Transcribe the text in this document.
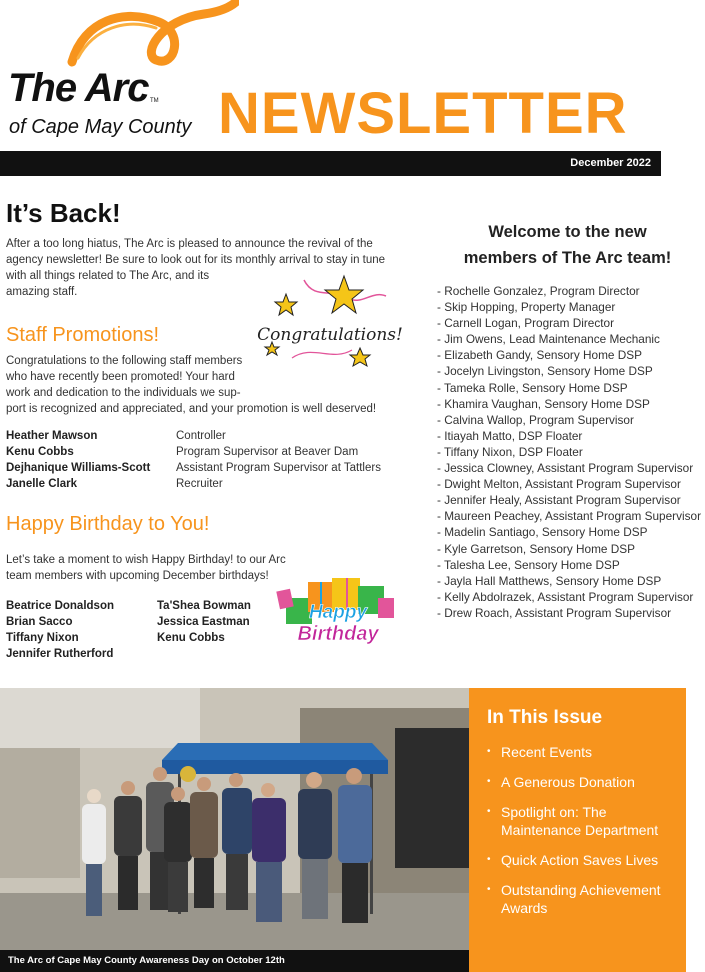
The Arc TM
of Cape May County NEWSLETTER
December 2022
It’s Back!
After a too long hiatus, The Arc is pleased to announce the revival of the
agency newsletter! Be sure to look out for its monthly arrival to stay in tune
with all things related to The Arc, and its
amazing staff.
Congratulations!
Staff Promotions!
Congratulations to the following staff members
who have recently been promoted! Your hard
work and dedication to the individuals we sup-
port is recognized and appreciated, and your promotion is well deserved!
Heather Mawson	Controller
Kenu Cobbs	Program Supervisor at Beaver Dam
Dejhanique Williams-Scott	Assistant Program Supervisor at Tattlers
Janelle Clark	Recruiter
Happy Birthday to You!
Let’s take a moment to wish Happy Birthday! to our Arc
team members with upcoming December birthdays!
Beatrice Donaldson
Brian Sacco
Tiffany Nixon
Jennifer Rutherford
Ta'Shea Bowman
Jessica Eastman
Kenu Cobbs
Happy
Birthday
Welcome to the new
members of The Arc team!
- Rochelle Gonzalez, Program Director
- Skip Hopping, Property Manager
- Carnell Logan, Program Director
- Jim Owens, Lead Maintenance Mechanic
- Elizabeth Gandy, Sensory Home DSP
- Jocelyn Livingston, Sensory Home DSP
- Tameka Rolle, Sensory Home DSP
- Khamira Vaughan, Sensory Home DSP
- Calvina Wallop, Program Supervisor
- Itiayah Matto, DSP Floater
- Tiffany Nixon, DSP Floater
- Jessica Clowney, Assistant Program Supervisor
- Dwight Melton, Assistant Program Supervisor
- Jennifer Healy, Assistant Program Supervisor
- Maureen Peachey, Assistant Program Supervisor
- Madelin Santiago, Sensory Home DSP
- Kyle Garretson, Sensory Home DSP
- Talesha Lee, Sensory Home DSP
- Jayla Hall Matthews, Sensory Home DSP
- Kelly Abdolrazek, Assistant Program Supervisor
- Drew Roach, Assistant Program Supervisor
The Arc of Cape May County Awareness Day on October 12th
In This Issue
• Recent Events
• A Generous Donation
• Spotlight on: The Maintenance Department
• Quick Action Saves Lives
• Outstanding Achievement Awards
